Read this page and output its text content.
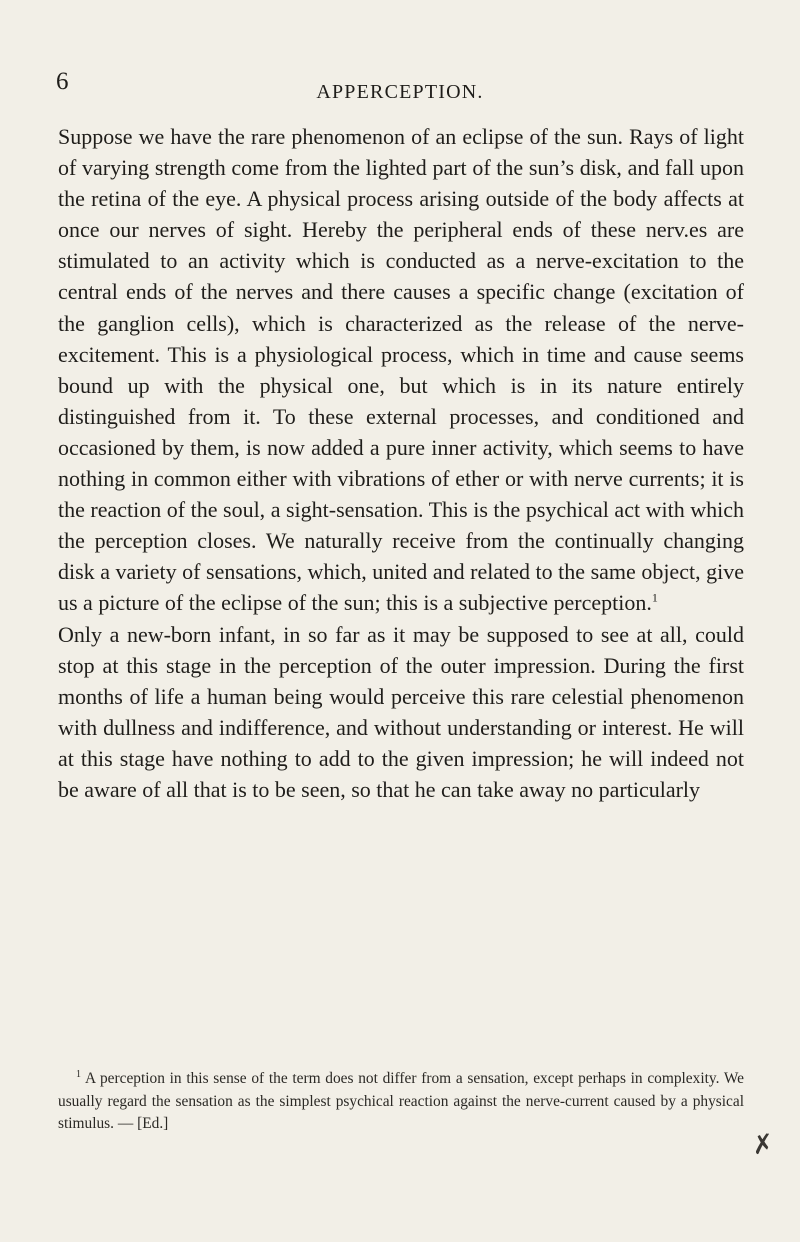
6	APPERCEPTION.

Suppose we have the rare phenomenon of an eclipse of the sun. Rays of light of varying strength come from the lighted part of the sun’s disk, and fall upon the retina of the eye. A physical process arising outside of the body affects at once our nerves of sight. Hereby the peripheral ends of these nerv.es are stimulated to an activity which is conducted as a nerve-excitation to the central ends of the nerves and there causes a specific change (excitation of the ganglion cells), which is characterized as the release of the nerve-excitement. This is a physiological process, which in time and cause seems bound up with the physical one, but which is in its nature entirely distinguished from it. To these external processes, and conditioned and occasioned by them, is now added a pure inner activity, which seems to have nothing in common either with vibrations of ether or with nerve currents; it is the reaction of the soul, a sight-sensation. This is the psychical act with which the perception closes. We naturally receive from the continually changing disk a variety of sensations, which, united and related to the same object, give us a picture of the eclipse of the sun; this is a subjective perception.$^1$

Only a new-born infant, in so far as it may be supposed to see at all, could stop at this stage in the perception of the outer impression. During the first months of life a human being would perceive this rare celestial phenomenon with dullness and indifference, and without understanding or interest. He will at this stage have nothing to add to the given impression; he will indeed not be aware of all that is to be seen, so that he can take away no particularly

$^1$ A perception in this sense of the term does not differ from a sensation, except perhaps in complexity. We usually regard the sensation as the simplest psychical reaction against the nerve-current caused by a physical stimulus. — [Ed.]

✗
